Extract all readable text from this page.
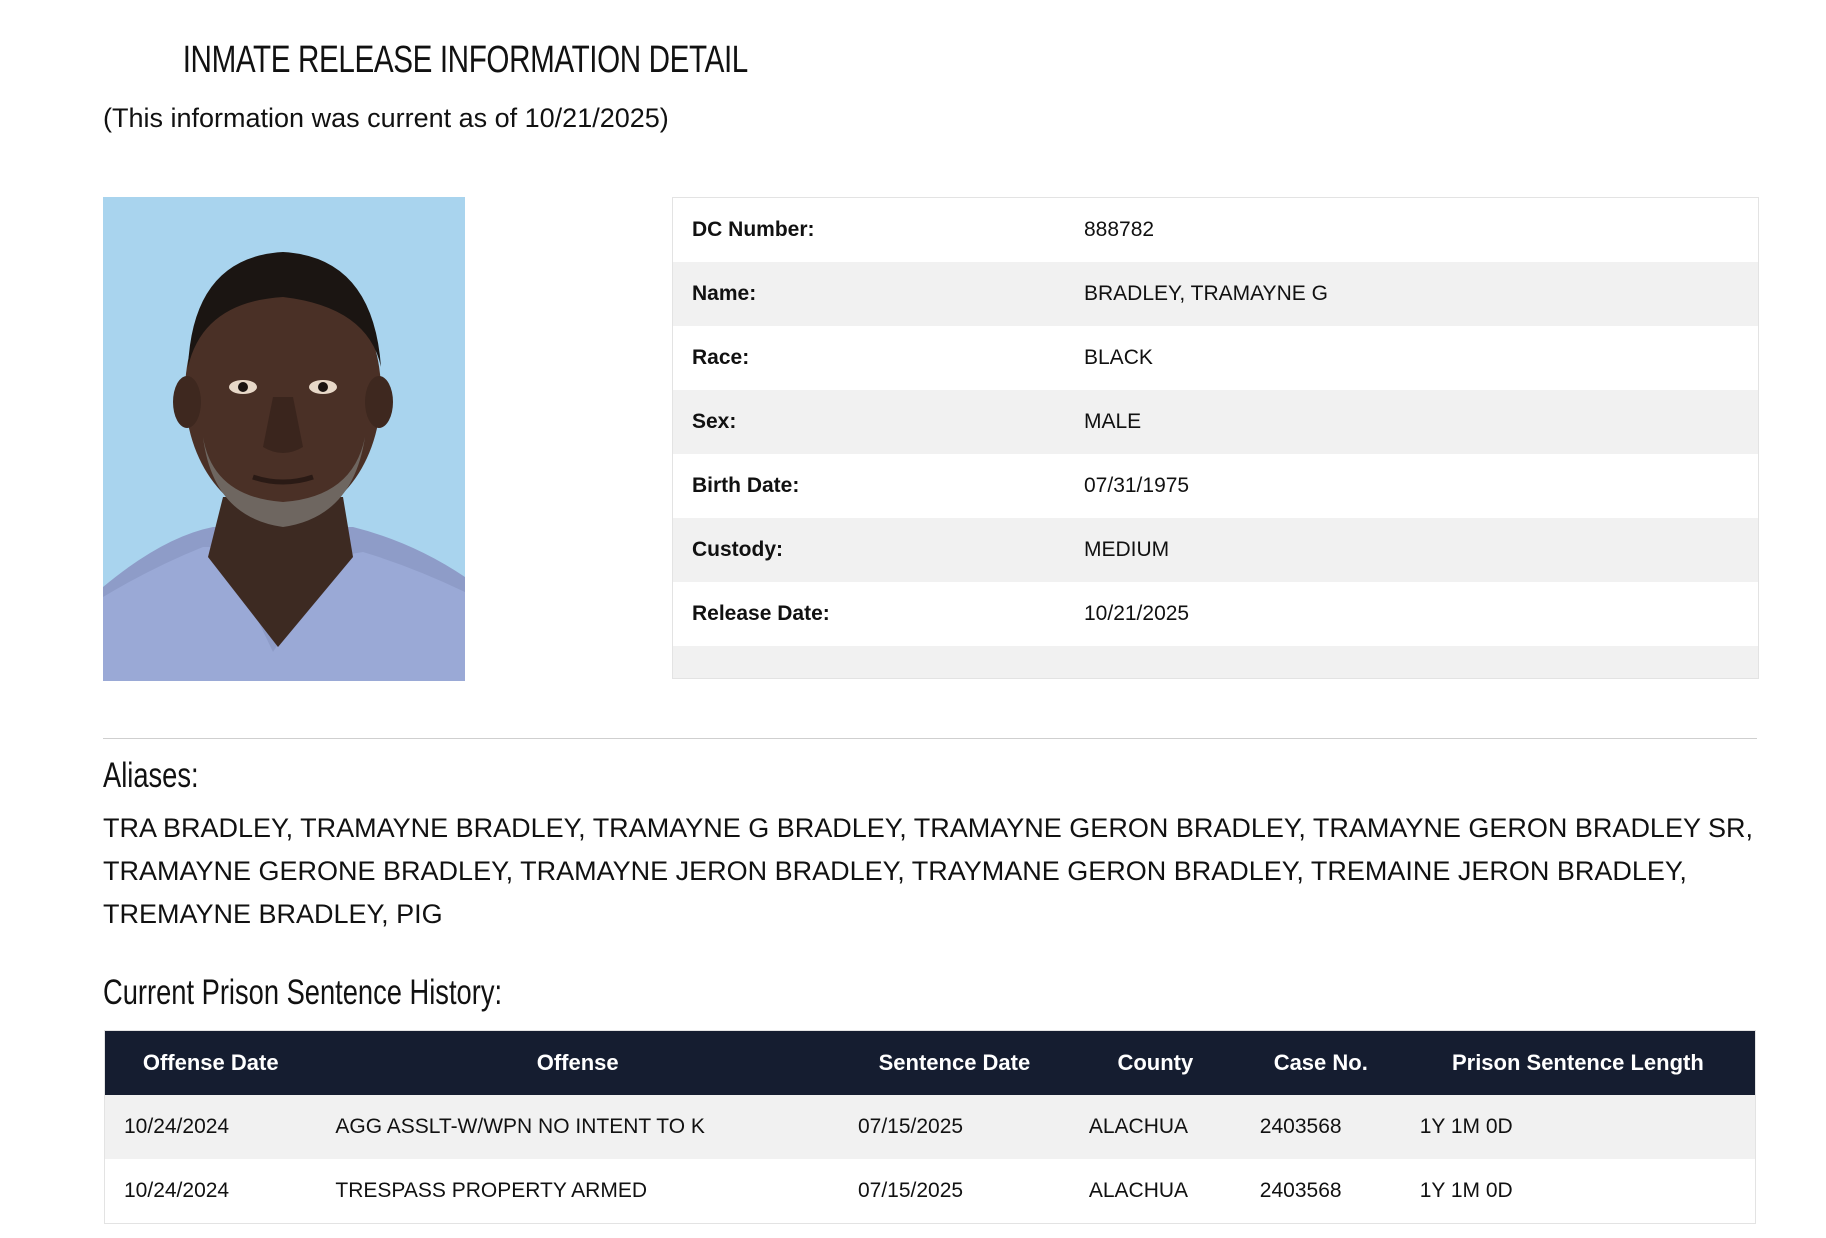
INMATE RELEASE INFORMATION DETAIL
(This information was current as of 10/21/2025)
DC Number:	888782
Name:	BRADLEY, TRAMAYNE G
Race:	BLACK
Sex:	MALE
Birth Date:	07/31/1975
Custody:	MEDIUM
Release Date:	10/21/2025
Aliases:
TRA BRADLEY, TRAMAYNE BRADLEY, TRAMAYNE G BRADLEY, TRAMAYNE GERON BRADLEY, TRAMAYNE GERON BRADLEY SR, TRAMAYNE GERONE BRADLEY, TRAMAYNE JERON BRADLEY, TRAYMANE GERON BRADLEY, TREMAINE JERON BRADLEY, TREMAYNE BRADLEY, PIG
Current Prison Sentence History:
Offense Date	Offense	Sentence Date	County	Case No.	Prison Sentence Length
10/24/2024	AGG ASSLT-W/WPN NO INTENT TO K	07/15/2025	ALACHUA	2403568	1Y 1M 0D
10/24/2024	TRESPASS PROPERTY ARMED	07/15/2025	ALACHUA	2403568	1Y 1M 0D
